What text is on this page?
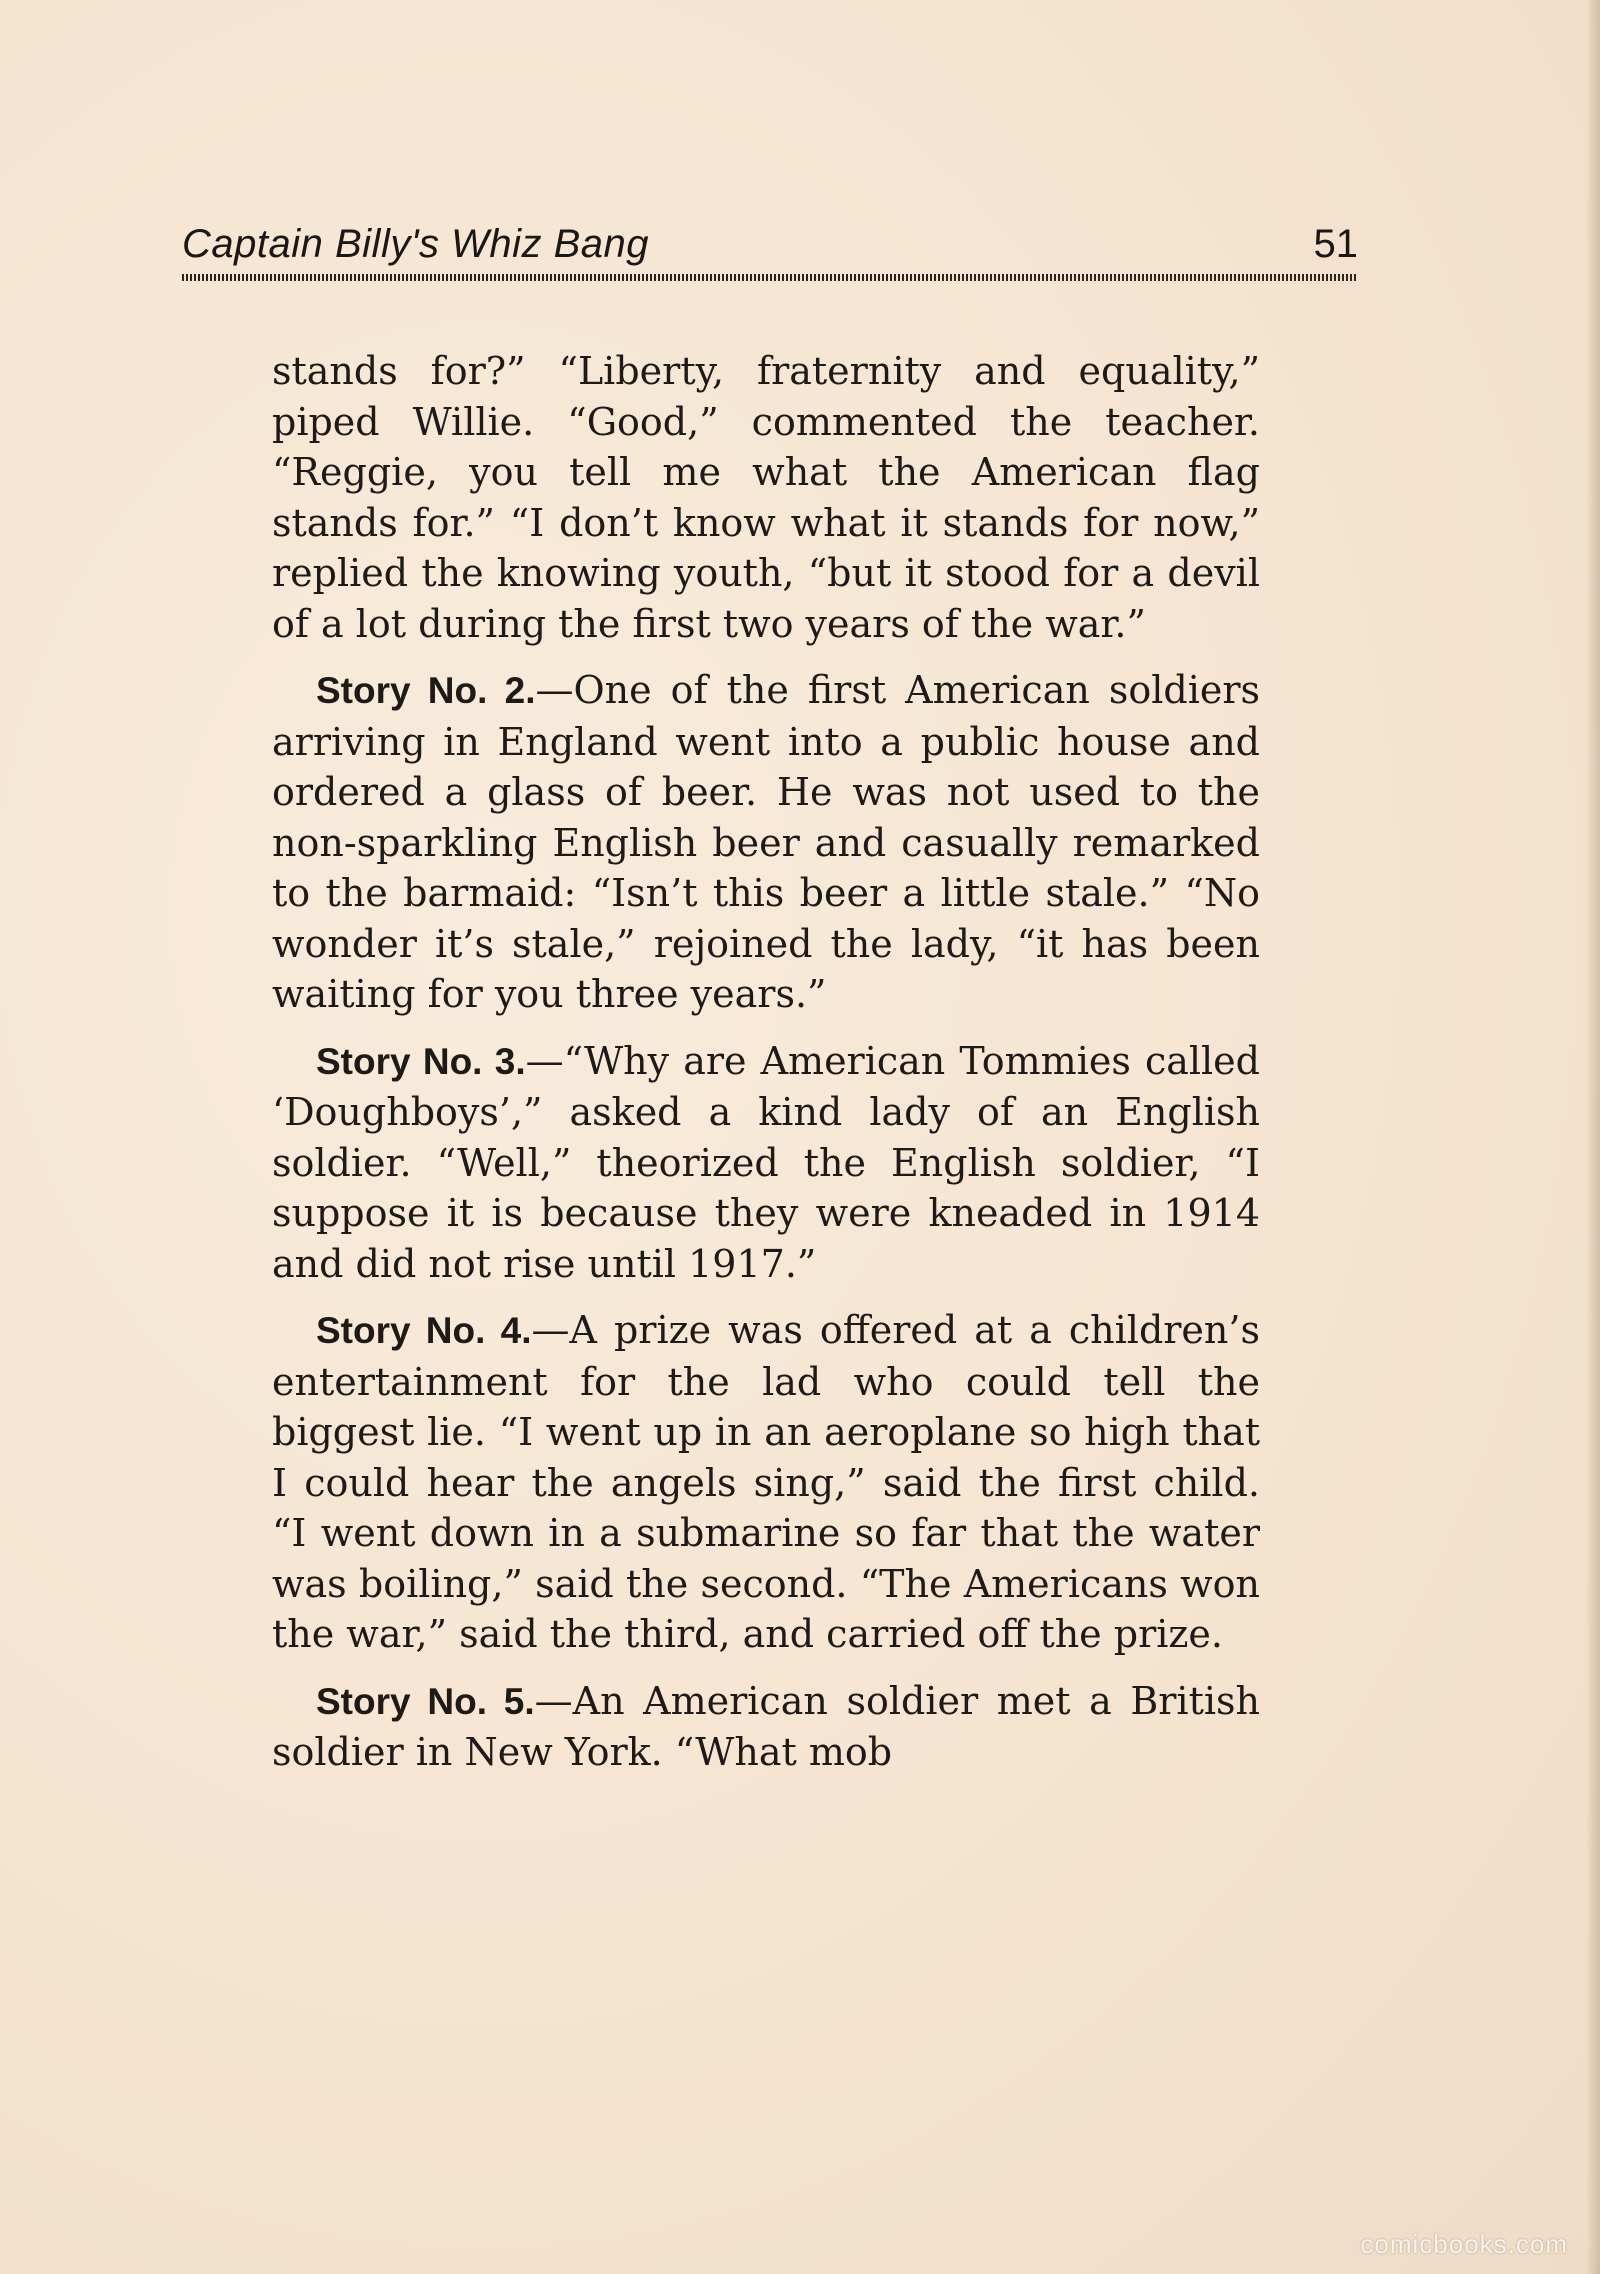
Captain Billy's Whiz Bang	51

stands for?” “Liberty, fraternity and equality,” piped Willie. “Good,” commented the teacher. “Reggie, you tell me what the American flag stands for.” “I don’t know what it stands for now,” replied the knowing youth, “but it stood for a devil of a lot during the first two years of the war.”

Story No. 2.—One of the first American soldiers arriving in England went into a public house and ordered a glass of beer. He was not used to the non-sparkling English beer and casually remarked to the barmaid: “Isn’t this beer a little stale.” “No wonder it’s stale,” rejoined the lady, “it has been waiting for you three years.”

Story No. 3.—“Why are American Tommies called ‘Doughboys’,” asked a kind lady of an English soldier. “Well,” theorized the English soldier, “I suppose it is because they were kneaded in 1914 and did not rise until 1917.”

Story No. 4.—A prize was offered at a children’s entertainment for the lad who could tell the biggest lie. “I went up in an aeroplane so high that I could hear the angels sing,” said the first child. “I went down in a submarine so far that the water was boiling,” said the second. “The Americans won the war,” said the third, and carried off the prize.

Story No. 5.—An American soldier met a British soldier in New York. “What mob

comicbooks.com
